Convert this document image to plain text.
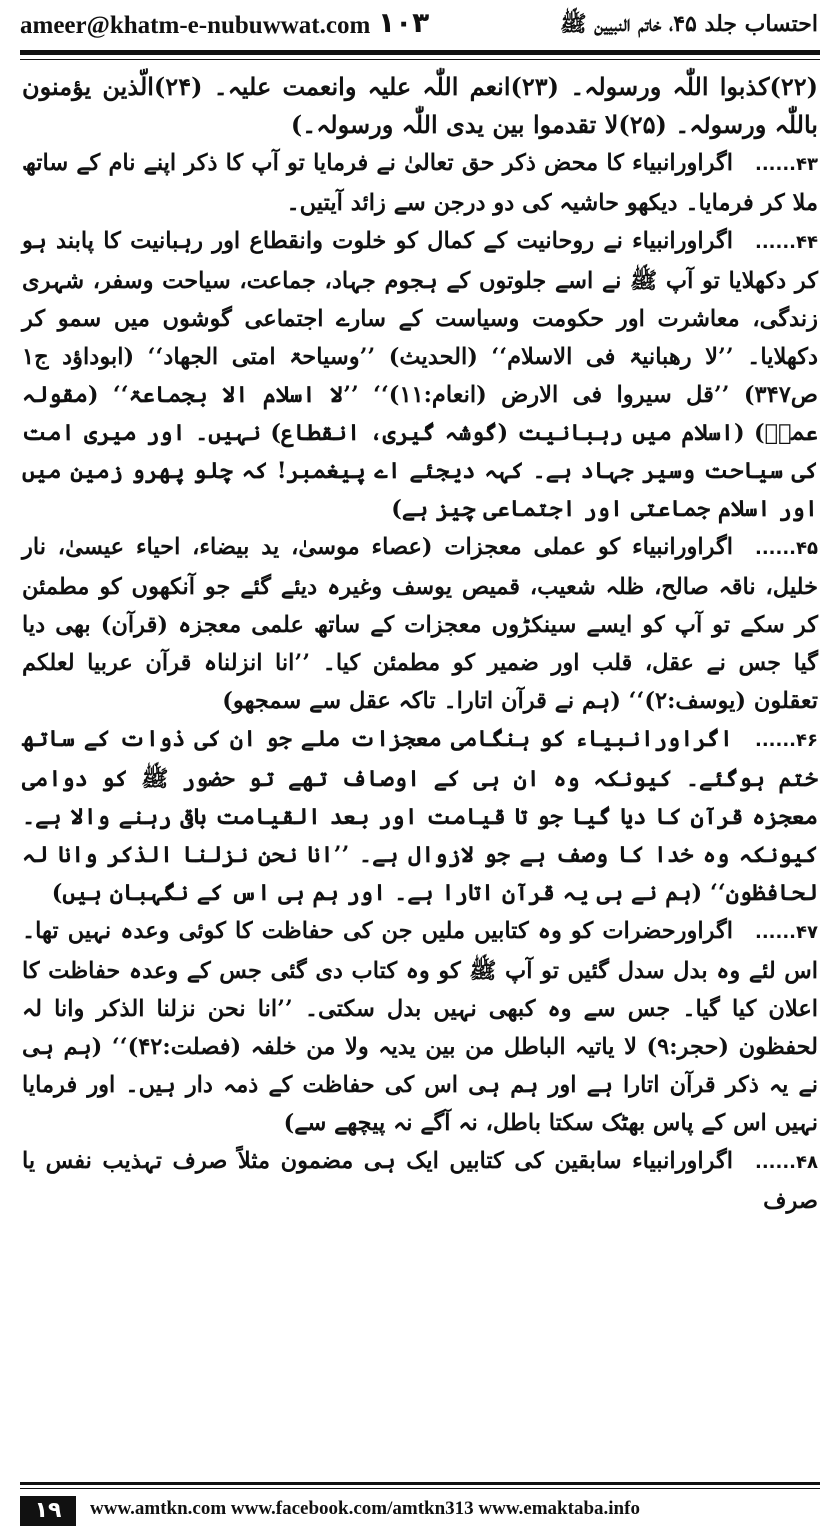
ameer@khatm-e-nubuwwat.com ١٠٣	احتساب جلد ۴۵، خاتم النبیین ﷺ

(۲۲)کذبوا اللّٰہ ورسولہ۔ (۲۳)انعم اللّٰہ علیہ وانعمت علیہ۔ (۲۴)الّذین یؤمنون باللّٰہ ورسولہ۔ (۲۵)لا تقدموا بین یدی اللّٰہ ورسولہ۔)

۴۳......اگراورانبیاء کا محض ذکر حق تعالیٰ نے فرمایا تو آپ کا ذکر اپنے نام کے ساتھ ملا کر فرمایا۔ دیکھو حاشیہ کی دو درجن سے زائد آیتیں۔

۴۴......اگراورانبیاء نے روحانیت کے کمال کو خلوت وانقطاع اور رہبانیت کا پابند ہو کر دکھلایا تو آپ ﷺ نے اسے جلوتوں کے ہجوم جہاد، جماعت، سیاحت وسفر، شہری زندگی، معاشرت اور حکومت وسیاست کے سارے اجتماعی گوشوں میں سمو کر دکھلایا۔ ’’لا رھبانیۃ فی الاسلام‘‘ (الحدیث) ’’وسیاحۃ امتی الجھاد‘‘ (ابوداؤد ج۱ ص۳۴۷) ’’قل سیروا فی الارض (انعام:۱۱)‘‘ ’’لا اسلام الا بجماعۃ‘‘ (مقولہ عمرؓ) (اسلام میں رہبانیت (گوشہ گیری، انقطاع) نہیں۔ اور میری امت کی سیاحت وسیر جہاد ہے۔ کہہ دیجئے اے پیغمبر! کہ چلو پھرو زمین میں اور اسلام جماعتی اور اجتماعی چیز ہے)

۴۵......اگراورانبیاء کو عملی معجزات (عصاء موسیٰ، ید بیضاء، احیاء عیسیٰ، نار خلیل، ناقہ صالح، ظلہ شعیب، قمیص یوسف وغیرہ دیئے گئے جو آنکھوں کو مطمئن کر سکے تو آپ کو ایسے سینکڑوں معجزات کے ساتھ علمی معجزہ (قرآن) بھی دیا گیا جس نے عقل، قلب اور ضمیر کو مطمئن کیا۔ ’’انا انزلناہ قرآن عربیا لعلکم تعقلون (یوسف:۲)‘‘ (ہم نے قرآن اتارا۔ تاکہ عقل سے سمجھو)

۴۶......اگراورانبیاء کو ہنگامی معجزات ملے جو ان کی ذوات کے ساتھ ختم ہوگئے۔ کیونکہ وہ ان ہی کے اوصاف تھے تو حضور ﷺ کو دوامی معجزہ قرآن کا دیا گیا جو تا قیامت اور بعد القیامت باقی رہنے والا ہے۔ کیونکہ وہ خدا کا وصف ہے جو لازوال ہے۔ ’’انا نحن نزلنا الذکر وانا لہ لحافظون‘‘ (ہم نے ہی یہ قرآن اتارا ہے۔ اور ہم ہی اس کے نگہبان ہیں)

۴۷......اگراورحضرات کو وہ کتابیں ملیں جن کی حفاظت کا کوئی وعدہ نہیں تھا۔ اس لئے وہ بدل سدل گئیں تو آپ ﷺ کو وہ کتاب دی گئی جس کے وعدہ حفاظت کا اعلان کیا گیا۔ جس سے وہ کبھی نہیں بدل سکتی۔ ’’انا نحن نزلنا الذکر وانا لہ لحفظون (حجر:۹) لا یاتیہ الباطل من بین یدیہ ولا من خلفہ (فصلت:۴۲)‘‘ (ہم ہی نے یہ ذکر قرآن اتارا ہے اور ہم ہی اس کی حفاظت کے ذمہ دار ہیں۔ اور فرمایا نہیں اس کے پاس بھٹک سکتا باطل، نہ آگے نہ پیچھے سے)

۴۸......اگراورانبیاء سابقین کی کتابیں ایک ہی مضمون مثلاً صرف تہذیب نفس یا صرف

١٩	www.amtkn.com www.facebook.com/amtkn313 www.emaktaba.info
